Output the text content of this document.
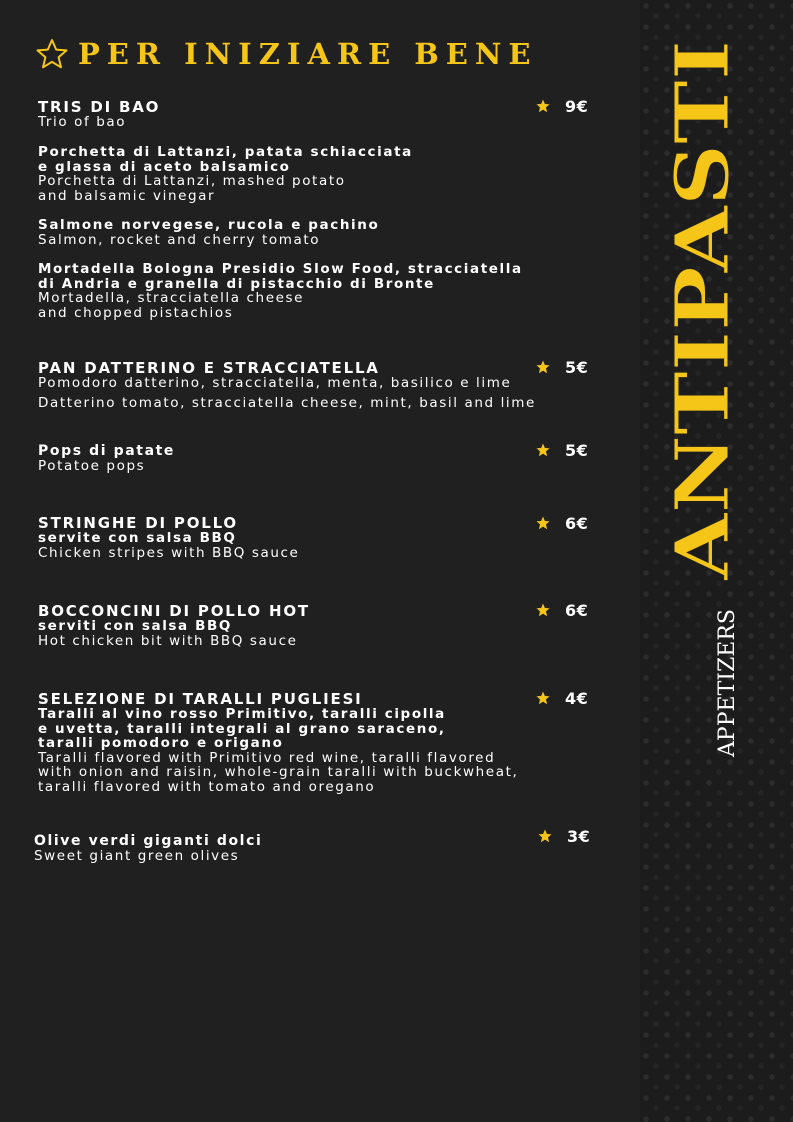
PER INIZIARE BENE
TRIS DI BAO
Trio of bao
9€
Porchetta di Lattanzi, patata schiacciata
e glassa di aceto balsamico
Porchetta di Lattanzi, mashed potato
and balsamic vinegar
Salmone norvegese, rucola e pachino
Salmon, rocket and cherry tomato
Mortadella Bologna Presidio Slow Food, stracciatella
di Andria e granella di pistacchio di Bronte
Mortadella, stracciatella cheese
and chopped pistachios
PAN DATTERINO E STRACCIATELLA
Pomodoro datterino, stracciatella, menta, basilico e lime
Datterino tomato, stracciatella cheese, mint, basil and lime
5€
Pops di patate
Potatoe pops
5€
STRINGHE DI POLLO
servite con salsa BBQ
Chicken stripes with BBQ sauce
6€
BOCCONCINI DI POLLO HOT
serviti con salsa BBQ
Hot chicken bit with BBQ sauce
6€
SELEZIONE DI TARALLI PUGLIESI
Taralli al vino rosso Primitivo, taralli cipolla
e uvetta, taralli integrali al grano saraceno,
taralli pomodoro e origano
Taralli flavored with Primitivo red wine, taralli flavored
with onion and raisin, whole-grain taralli with buckwheat,
taralli flavored with tomato and oregano
4€
Olive verdi giganti dolci
Sweet giant green olives
3€
ANTIPASTI
APPETIZERS
